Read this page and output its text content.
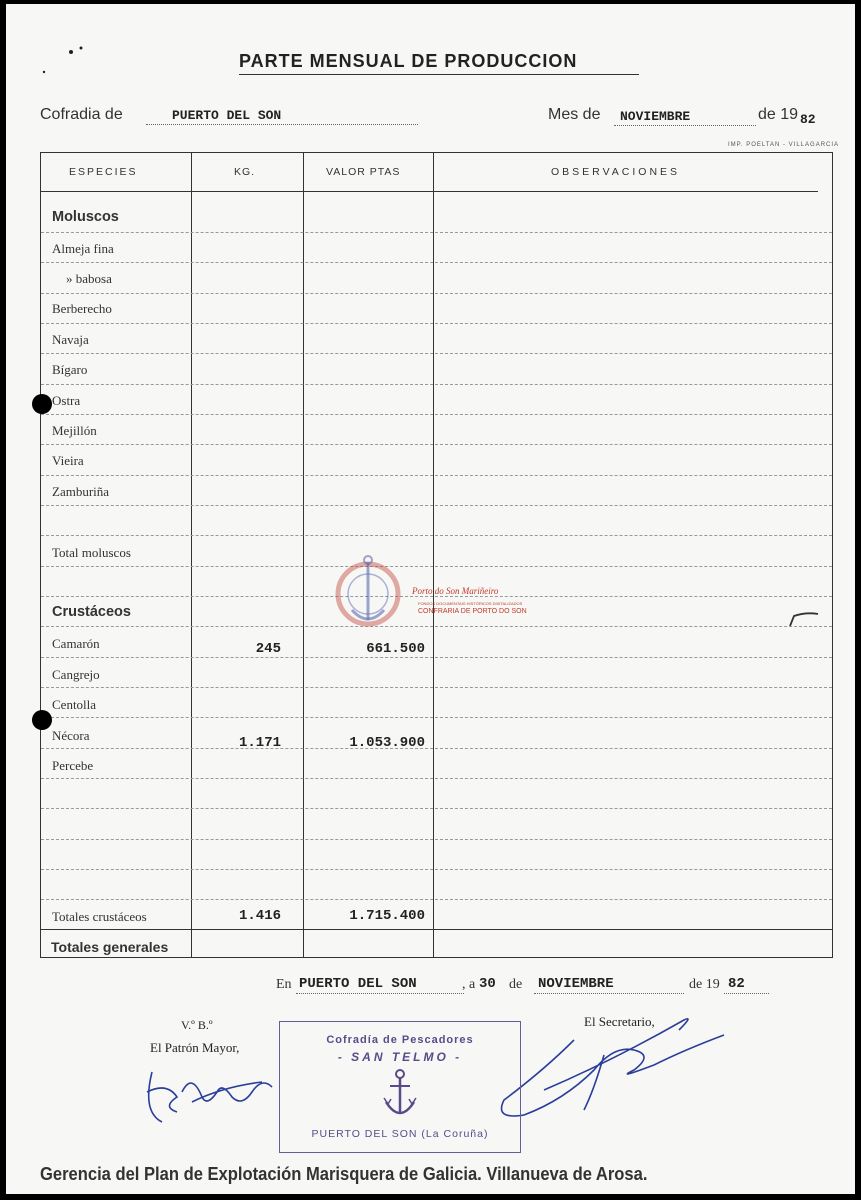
PARTE MENSUAL DE PRODUCCION
Cofradia de	PUERTO DEL SON	Mes de NOVIEMBRE	de 19 82
IMP. POELTAN - VILLAGARCIA
ESPECIES	KG.	VALOR PTAS	OBSERVACIONES
Moluscos
Almeja fina
» babosa
Berberecho
Navaja
Bígaro
Ostra
Mejillón
Vieira
Zamburiña
Total moluscos
Crustáceos
Camarón	245	661.500
Cangrejo
Centolla
Nécora	1.171	1.053.900
Percebe
Totales crustáceos	1.416	1.715.400
Totales generales
Porto do Son Mariñeiro
FONDOS DOCUMENTAIS HISTÓRICOS DIXITALIZADOS
CONFRARIA DE PORTO DO SON
En PUERTO DEL SON	, a 30 de NOVIEMBRE	de 19 82
V.º B.º
El Patrón Mayor,
El Secretario,
Cofradía de Pescadores
- SAN TELMO -
PUERTO DEL SON (La Coruña)
Gerencia del Plan de Explotación Marisquera de Galicia. Villanueva de Arosa.
